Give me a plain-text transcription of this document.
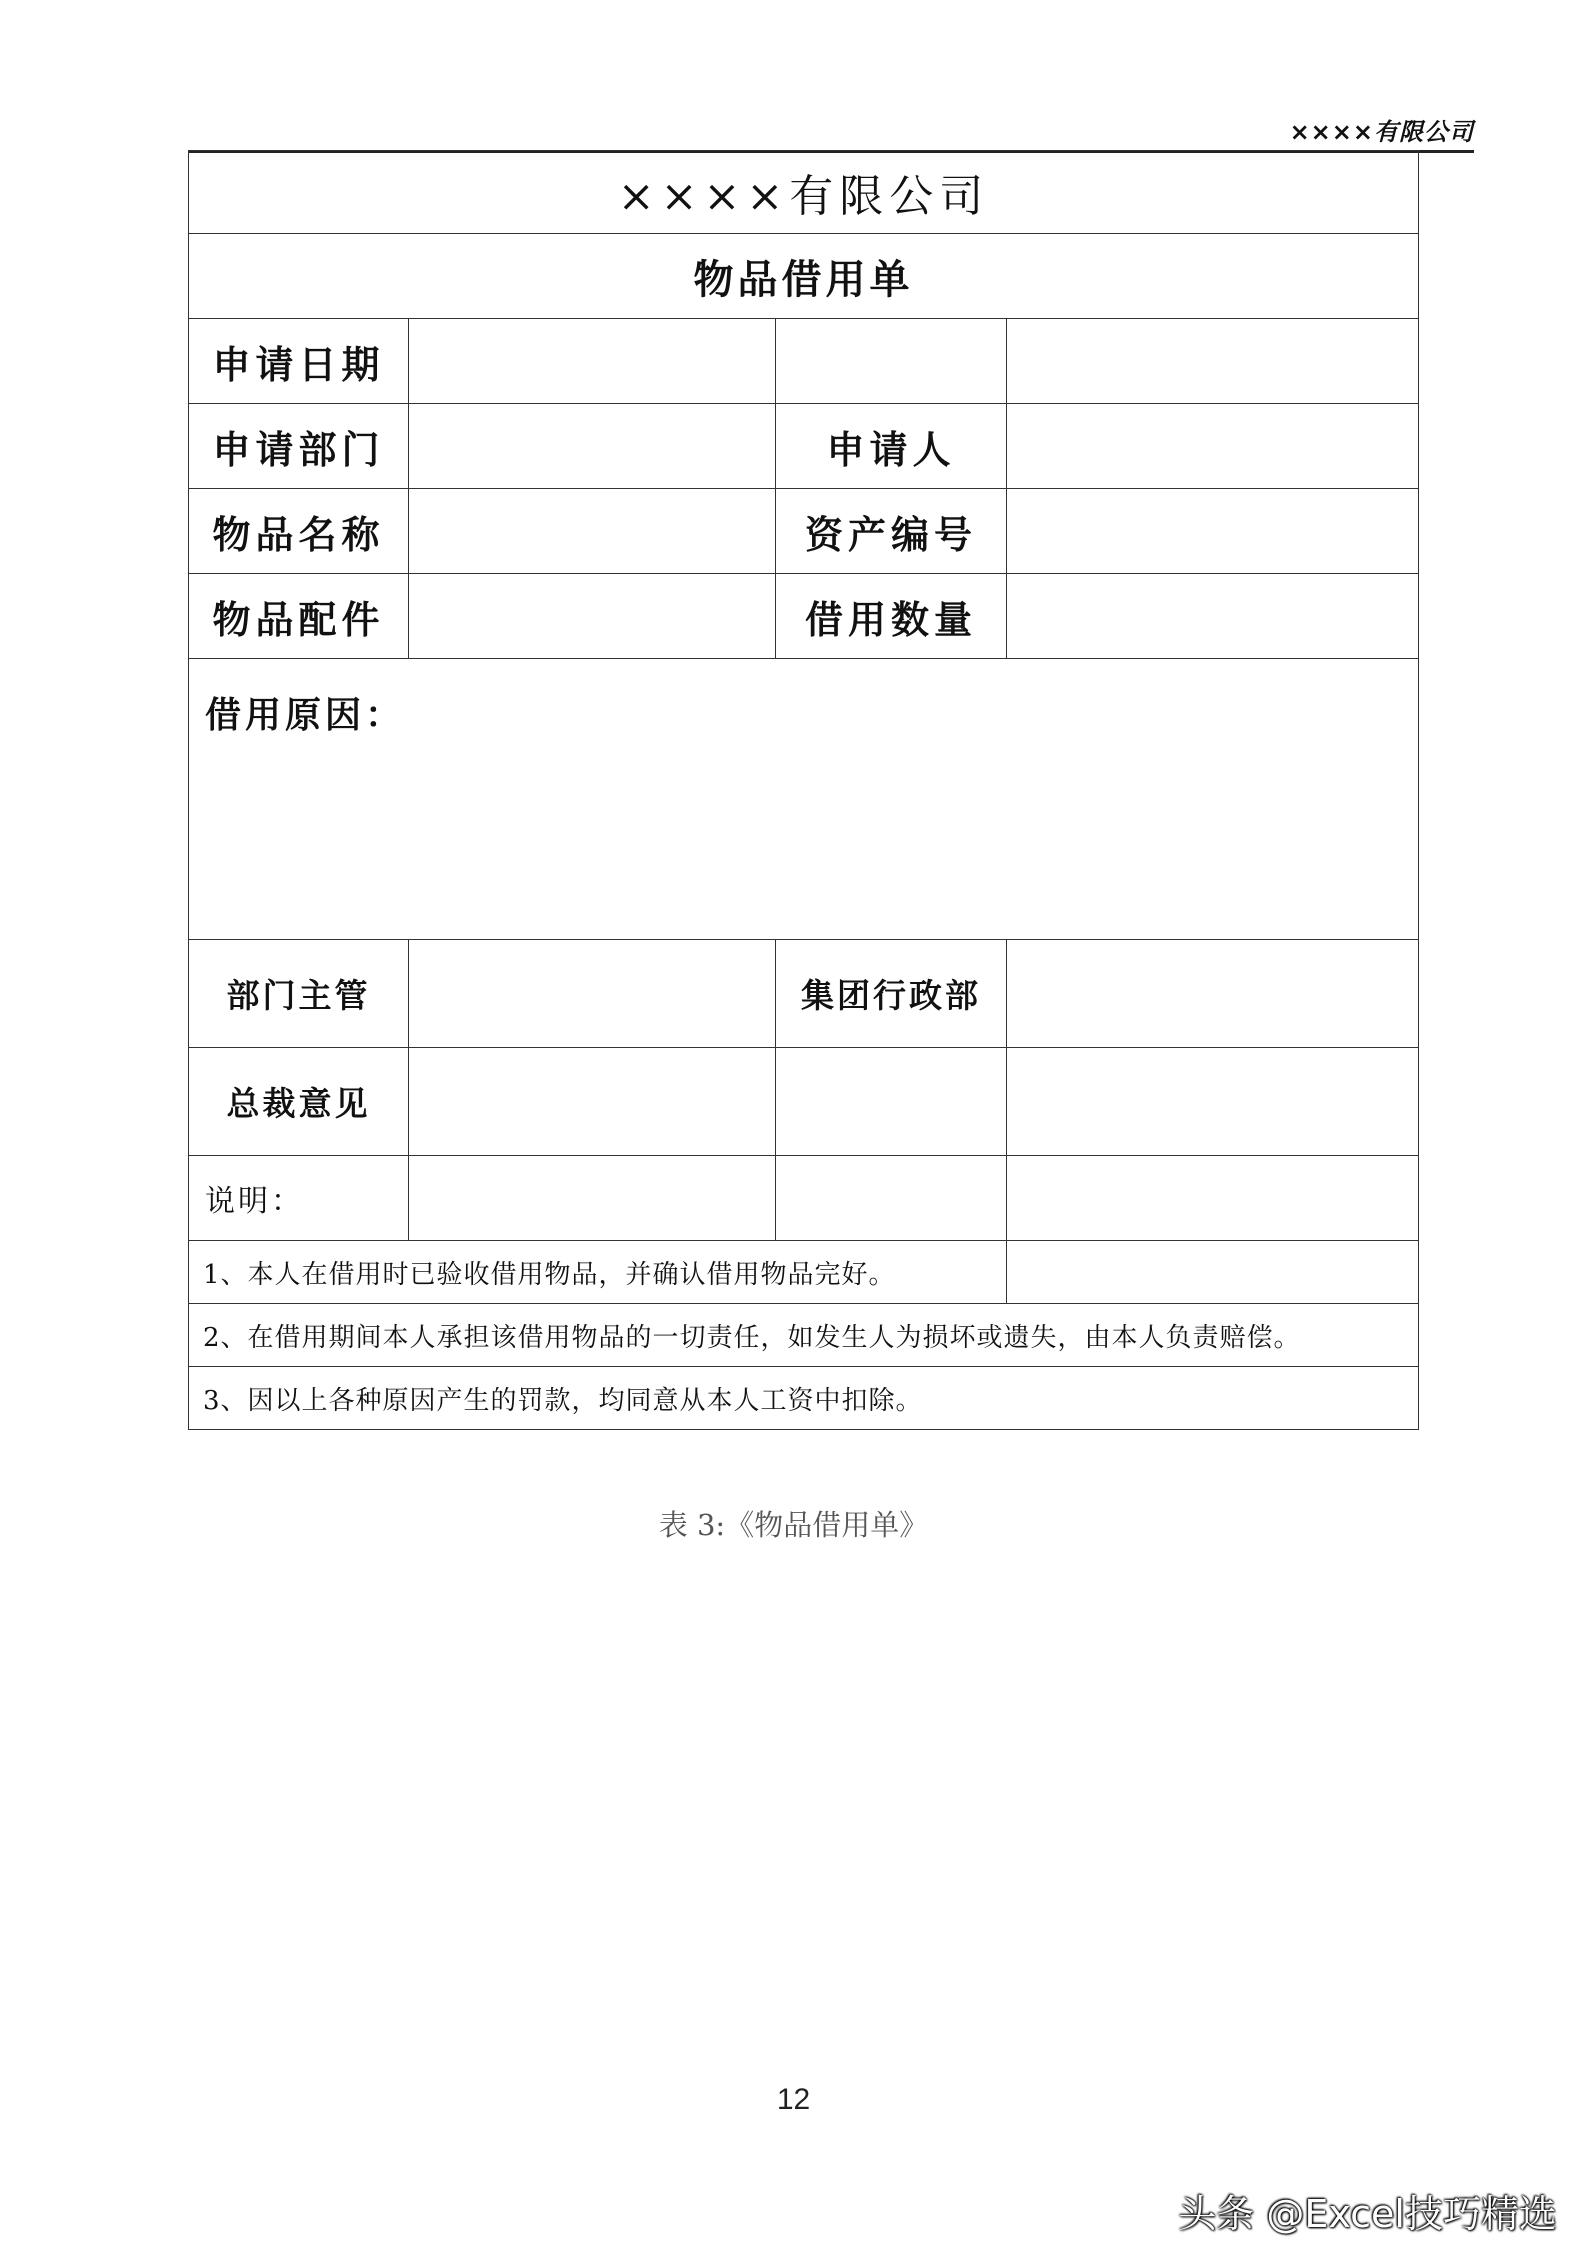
××××有限公司
××××有限公司			
物品借用单			
申请日期			
申请部门		申请人	
物品名称		资产编号	
物品配件		借用数量	
借用原因：			
部门主管		集团行政部	
总裁意见			
说明：			
1、本人在借用时已验收借用物品，并确认借用物品完好。			
2、在借用期间本人承担该借用物品的一切责任，如发生人为损坏或遗失，由本人负责赔偿。			
3、因以上各种原因产生的罚款，均同意从本人工资中扣除。			
表 3:《物品借用单》
12
头条 @Excel技巧精选
